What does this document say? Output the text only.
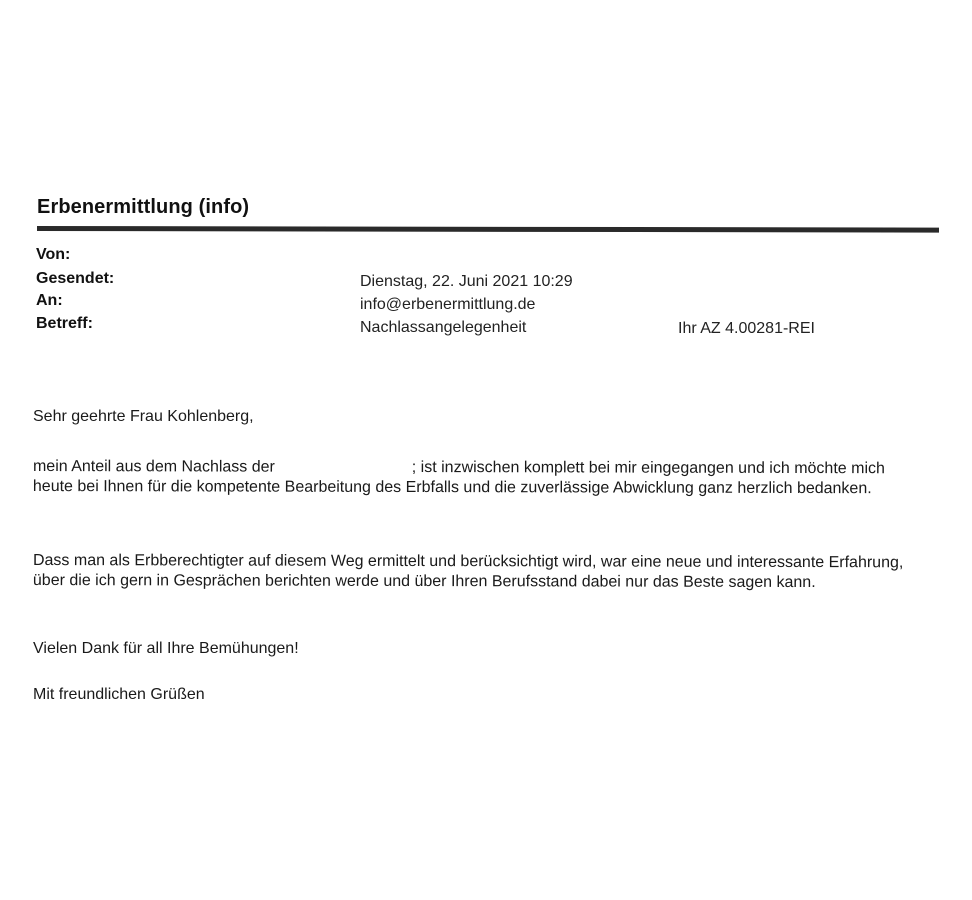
Erbenermittlung (info)
Von:
Gesendet:	Dienstag, 22. Juni 2021 10:29
An:	info@erbenermittlung.de
Betreff:	Nachlassangelegenheit	Ihr AZ 4.00281-REI
Sehr geehrte Frau Kohlenberg,
mein Anteil aus dem Nachlass der	; ist inzwischen komplett bei mir eingegangen und ich möchte mich heute bei Ihnen für die kompetente Bearbeitung des Erbfalls und die zuverlässige Abwicklung ganz herzlich bedanken.
Dass man als Erbberechtigter auf diesem Weg ermittelt und berücksichtigt wird, war eine neue und interessante Erfahrung, über die ich gern in Gesprächen berichten werde und über Ihren Berufsstand dabei nur das Beste sagen kann.
Vielen Dank für all Ihre Bemühungen!
Mit freundlichen Grüßen
